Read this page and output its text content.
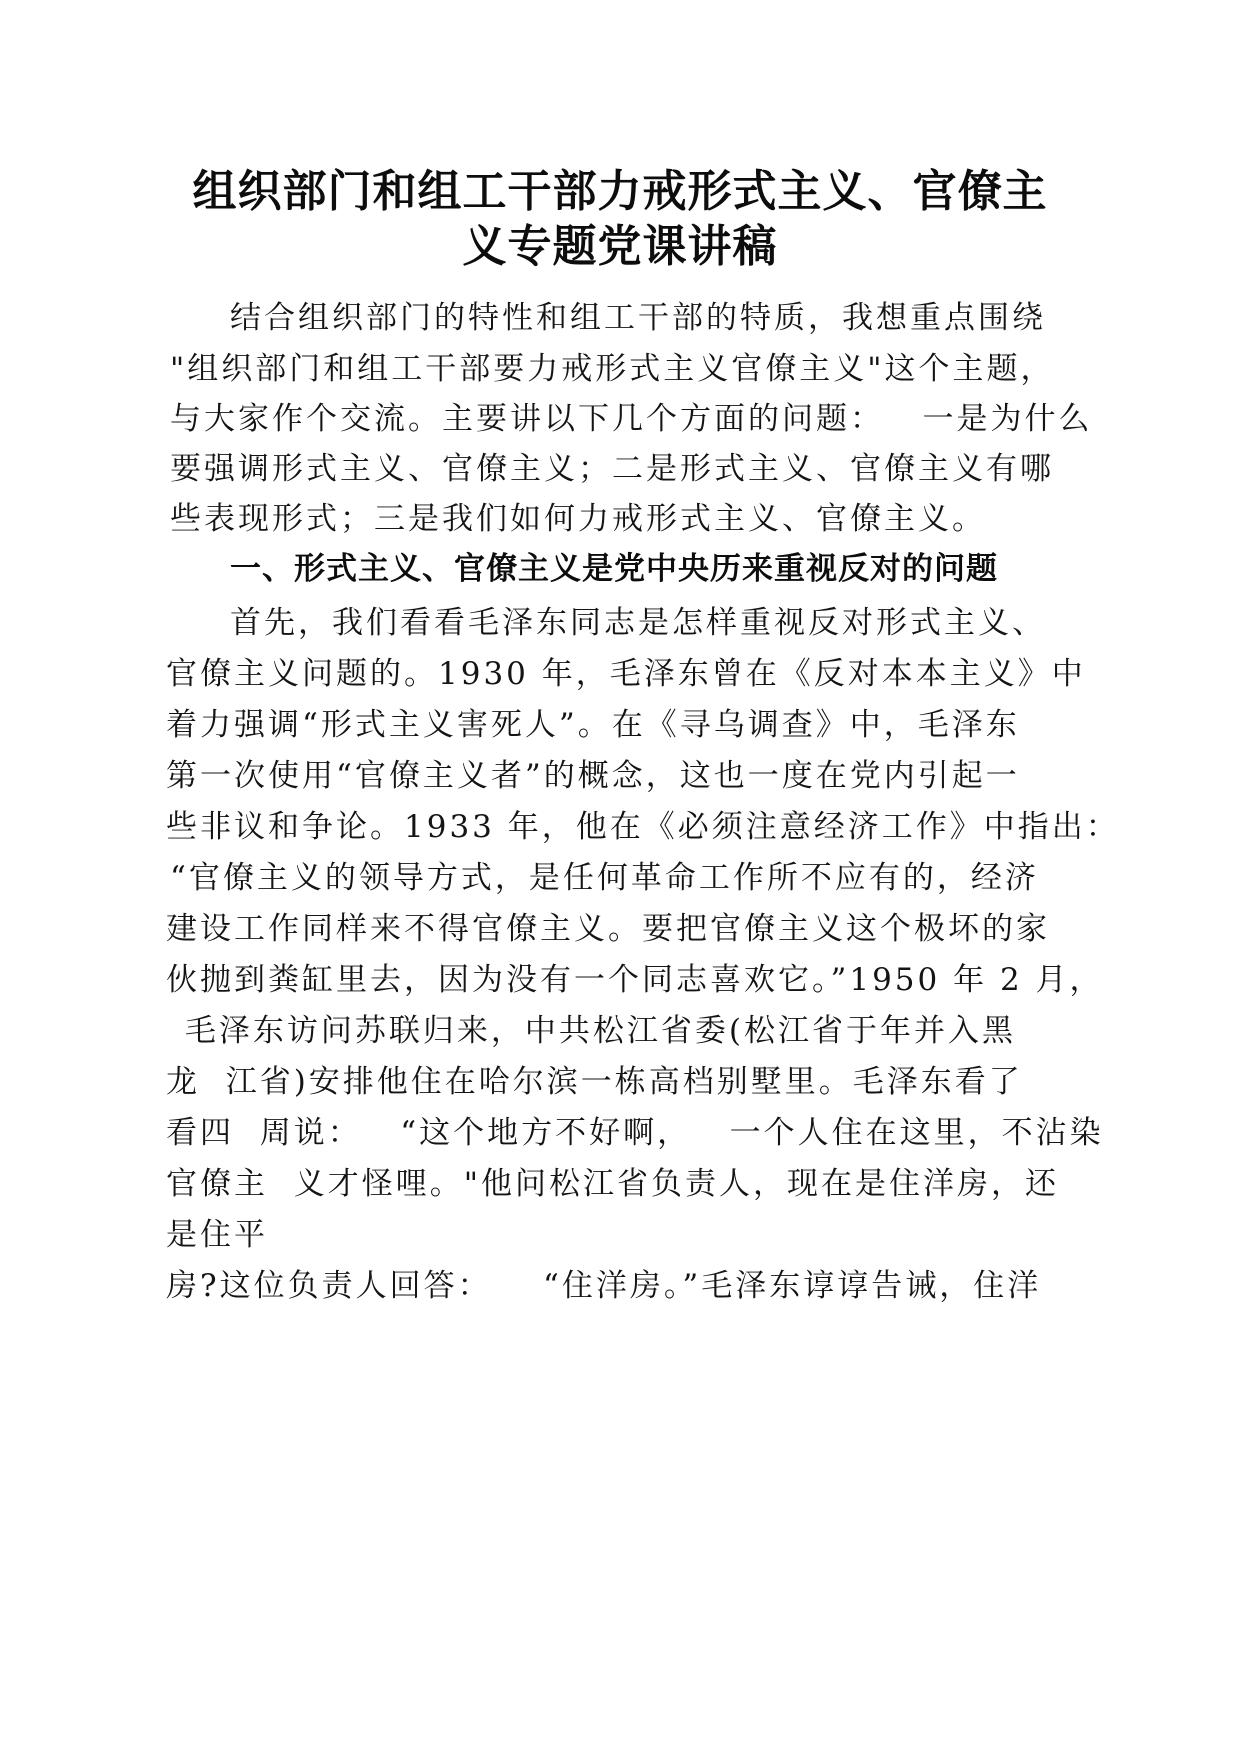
组织部门和组工干部力戒形式主义、官僚主
义专题党课讲稿
结合组织部门的特性和组工干部的特质，我想重点围绕
"组织部门和组工干部要力戒形式主义官僚主义"这个主题，
与大家作个交流。主要讲以下几个方面的问题：   一是为什么
要强调形式主义、官僚主义；二是形式主义、官僚主义有哪
些表现形式；三是我们如何力戒形式主义、官僚主义。
一、形式主义、官僚主义是党中央历来重视反对的问题
首先，我们看看毛泽东同志是怎样重视反对形式主义、
官僚主义问题的。1930 年，毛泽东曾在《反对本本主义》中
着力强调“形式主义害死人”。在《寻乌调查》中，毛泽东
第一次使用“官僚主义者”的概念，这也一度在党内引起一
些非议和争论。1933 年，他在《必须注意经济工作》中指出：
“官僚主义的领导方式，是任何革命工作所不应有的，经济
建设工作同样来不得官僚主义。要把官僚主义这个极坏的家
伙抛到粪缸里去，因为没有一个同志喜欢它。”1950 年 2 月，
毛泽东访问苏联归来，中共松江省委(松江省于年并入黑
龙  江省)安排他住在哈尔滨一栋高档别墅里。毛泽东看了
看四  周说：   “这个地方不好啊，   一个人住在这里，不沾染
官僚主  义才怪哩。"他问松江省负责人，现在是住洋房，还
是住平
房?这位负责人回答：    “住洋房。”毛泽东谆谆告诫，住洋
